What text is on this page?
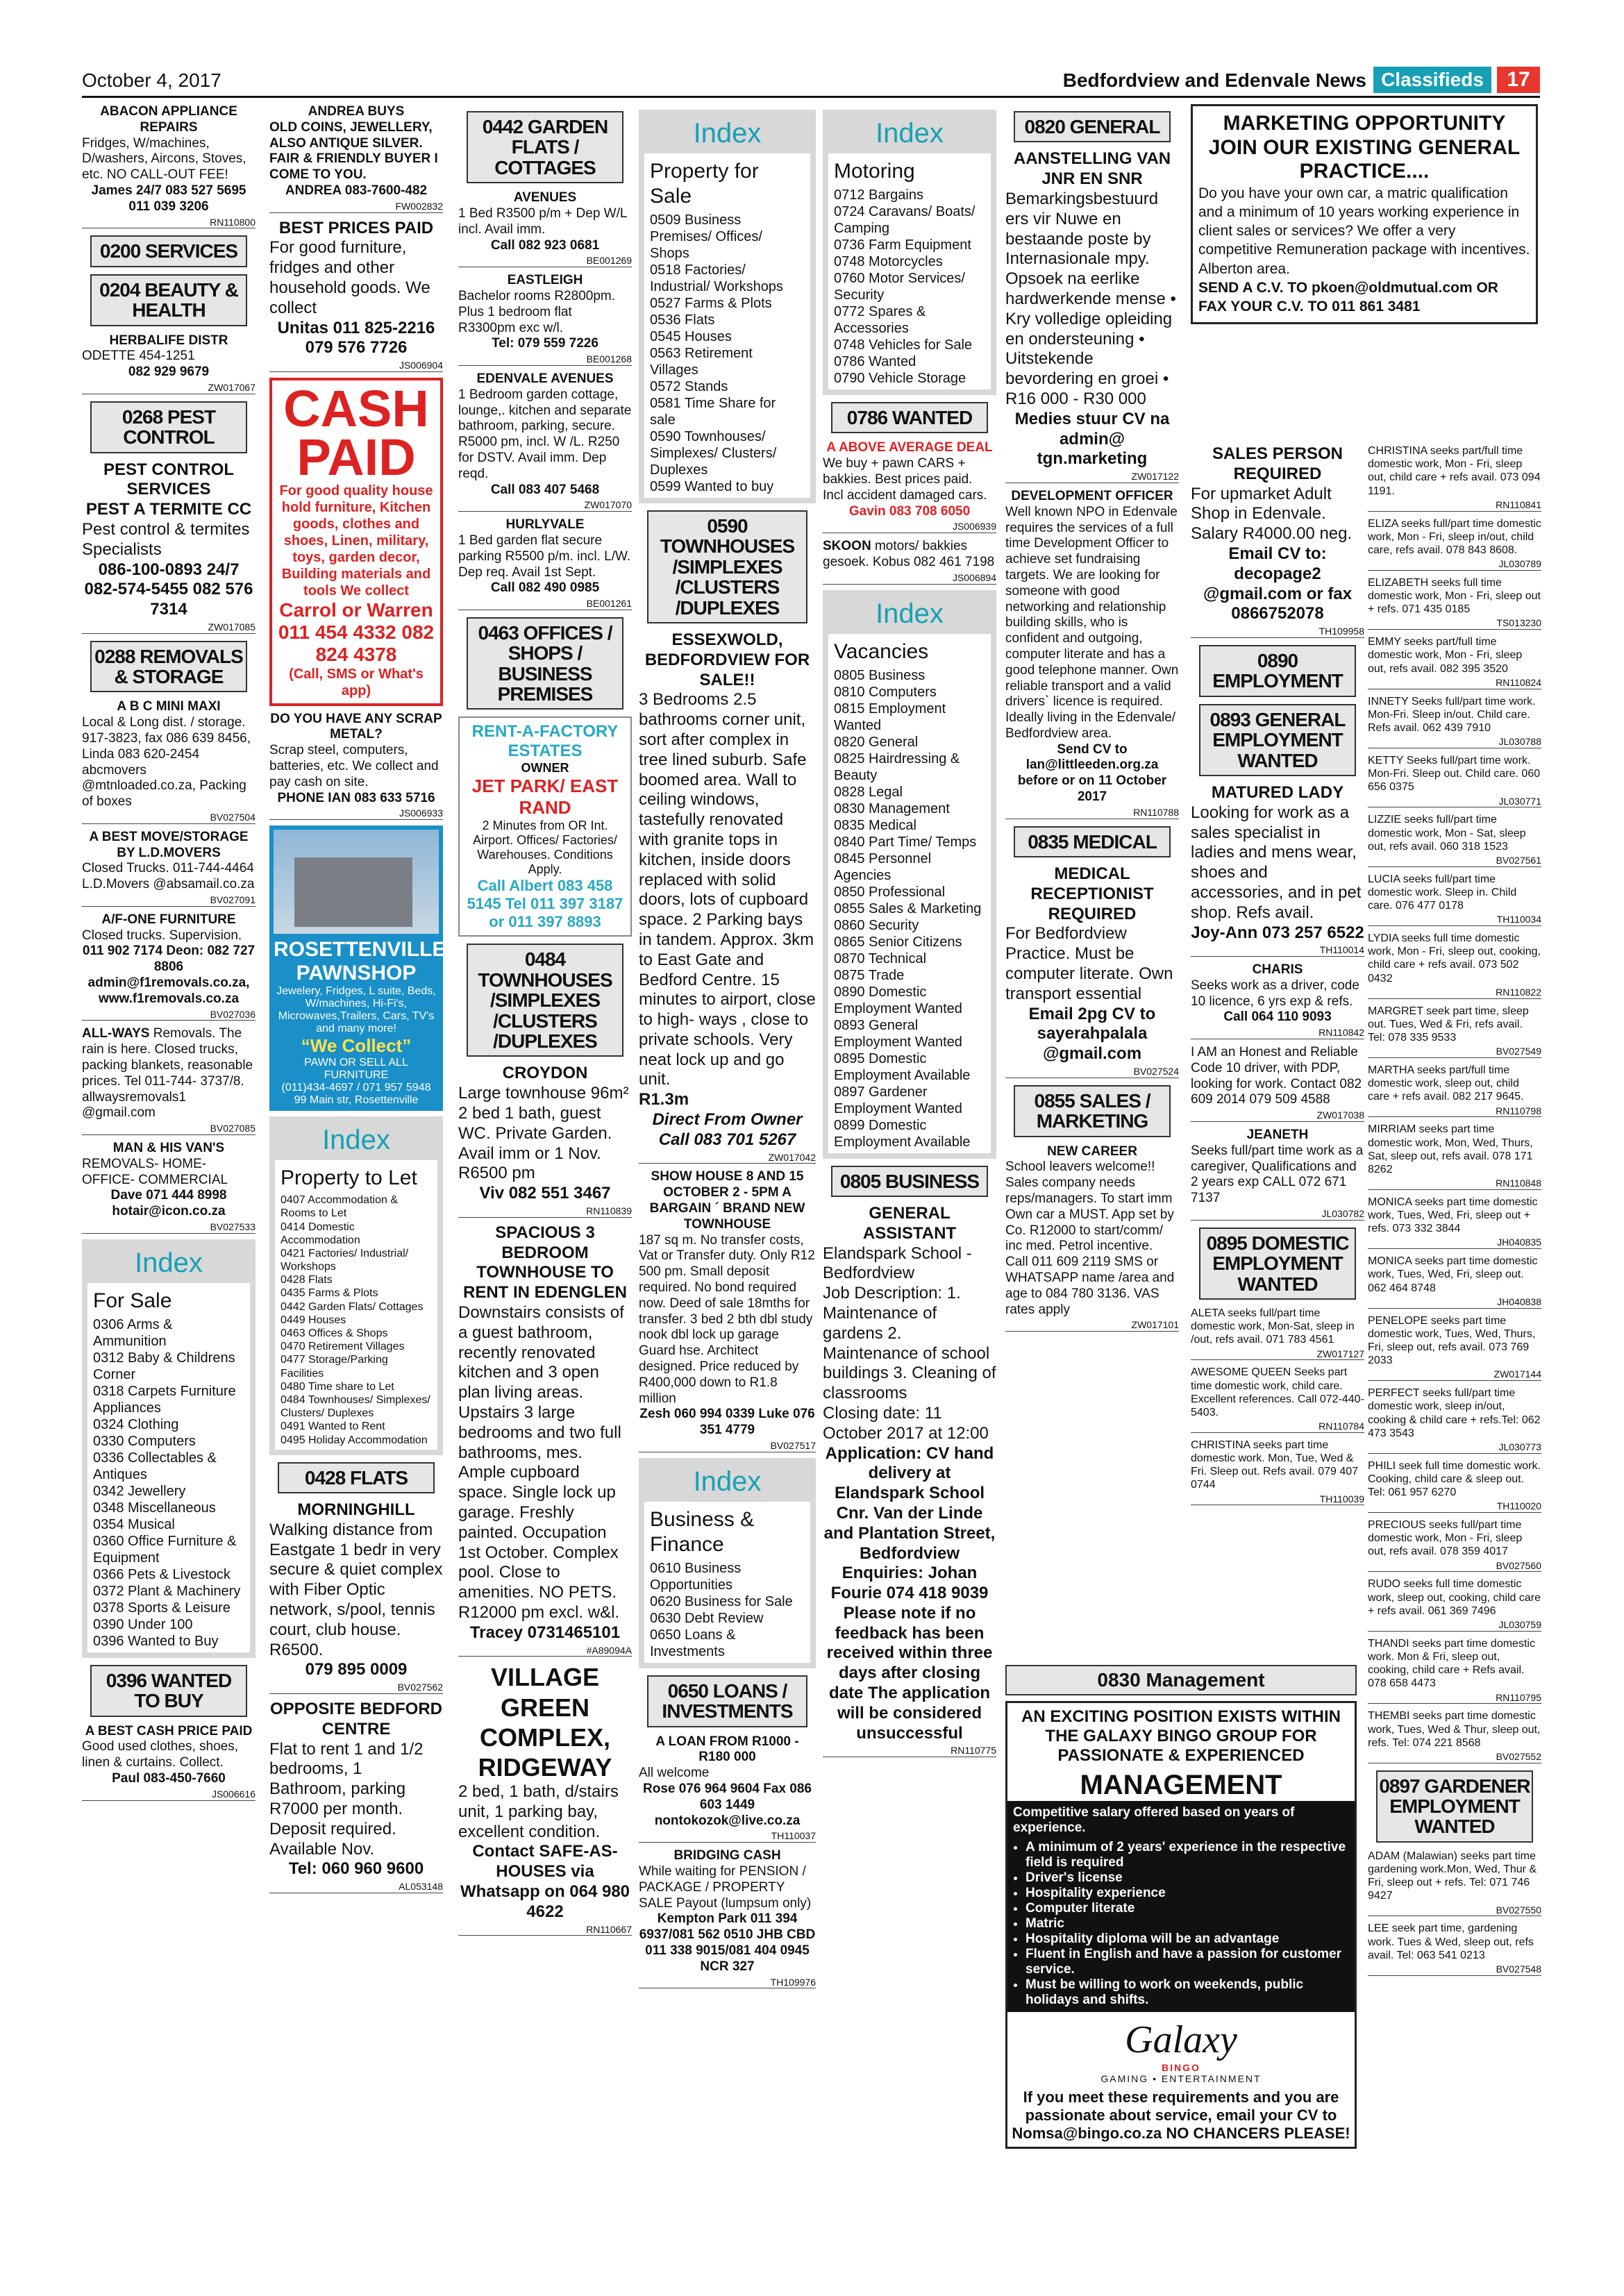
October 4, 2017	Bedfordview and Edenvale News Classifieds	17
ABACON APPLIANCE REPAIRS
Fridges, W/machines, D/washers, Aircons, Stoves, etc. NO CALL-OUT FEE!
James 24/7 083 527 5695 011 039 3206
RN110800
0200 SERVICES
0204 BEAUTY & HEALTH
HERBALIFE DISTR
ODETTE 454-1251
082 929 9679
ZW017067
0268 PEST CONTROL
PEST CONTROL SERVICES
PEST A TERMITE CC
Pest control & termites Specialists
086-100-0893 24/7 082-574-5455 082 576 7314
ZW017085
0288 REMOVALS & STORAGE
A B C MINI MAXI
Local & Long dist. / storage. 917-3823, fax 086 639 8456, Linda 083 620-2454 abcmovers @mtnloaded.co.za, Packing of boxes
BV027504
A BEST MOVE/STORAGE BY L.D.MOVERS
Closed Trucks. 011-744-4464 L.D.Movers @absamail.co.za
BV027091
A/F-ONE FURNITURE
Closed trucks. Supervision.
011 902 7174 Deon: 082 727 8806 admin@f1removals.co.za, www.f1removals.co.za
BV027036
ALL-WAYS Removals. The rain is here. Closed trucks, packing blankets, reasonable prices. Tel 011-744- 3737/8. allwaysremovals1 @gmail.com
BV027085
MAN & HIS VAN'S
REMOVALS- HOME- OFFICE- COMMERCIAL
Dave 071 444 8998 hotair@icon.co.za
BV027533
Index
For Sale
0306 Arms & Ammunition
0312 Baby & Childrens Corner
0318 Carpets Furniture Appliances
0324 Clothing
0330 Computers
0336 Collectables & Antiques
0342 Jewellery
0348 Miscellaneous
0354 Musical
0360 Office Furniture & Equipment
0366 Pets & Livestock
0372 Plant & Machinery
0378 Sports & Leisure
0390 Under 100
0396 Wanted to Buy
0396 WANTED TO BUY
A BEST CASH PRICE PAID
Good used clothes, shoes, linen & curtains. Collect.
Paul 083-450-7660
JS006616
ANDREA BUYS
OLD COINS, JEWELLERY, ALSO ANTIQUE SILVER. FAIR & FRIENDLY BUYER I COME TO YOU.
ANDREA 083-7600-482
FW002832
BEST PRICES PAID
For good furniture, fridges and other household goods. We collect
Unitas 011 825-2216 079 576 7726
JS006904
CASH PAID
For good quality house hold furniture, Kitchen goods, clothes and shoes, Linen, military, toys, garden decor, Building materials and tools We collect
Carrol or Warren
011 454 4332 082 824 4378
(Call, SMS or What's app)
DO YOU HAVE ANY SCRAP METAL?
Scrap steel, computers, batteries, etc. We collect and pay cash on site.
PHONE IAN 083 633 5716
JS006933
ROSETTENVILLE PAWNSHOP
Jewelery, Fridges, L suite, Beds, W/machines, Hi-Fi's, Microwaves,Trailers, Cars, TV's and many more!
“We Collect”
PAWN OR SELL ALL FURNITURE
(011)434-4697 / 071 957 5948
99 Main str, Rosettenville
Index
Property to Let
0407 Accommodation & Rooms to Let
0414 Domestic Accommodation
0421 Factories/ Industrial/ Workshops
0428 Flats
0435 Farms & Plots
0442 Garden Flats/ Cottages
0449 Houses
0463 Offices & Shops
0470 Retirement Villages
0477 Storage/Parking Facilities
0480 Time share to Let
0484 Townhouses/ Simplexes/ Clusters/ Duplexes
0491 Wanted to Rent
0495 Holiday Accommodation
0428 FLATS
MORNINGHILL
Walking distance from Eastgate 1 bedr in very secure & quiet complex with Fiber Optic network, s/pool, tennis court, club house. R6500.
079 895 0009
BV027562
OPPOSITE BEDFORD CENTRE
Flat to rent 1 and 1/2 bedrooms, 1 Bathroom, parking R7000 per month. Deposit required. Available Nov.
Tel: 060 960 9600
AL053148
0442 GARDEN FLATS / COTTAGES
AVENUES
1 Bed R3500 p/m + Dep W/L incl. Avail imm.
Call 082 923 0681
BE001269
EASTLEIGH
Bachelor rooms R2800pm. Plus 1 bedroom flat R3300pm exc w/l.
Tel: 079 559 7226
BE001268
EDENVALE AVENUES
1 Bedroom garden cottage, lounge,. kitchen and separate bathroom, parking, secure. R5000 pm, incl. W /L. R250 for DSTV. Avail imm. Dep reqd.
Call 083 407 5468
ZW017070
HURLYVALE
1 Bed garden flat secure parking R5500 p/m. incl. L/W. Dep req. Avail 1st Sept.
Call 082 490 0985
BE001261
0463 OFFICES / SHOPS / BUSINESS PREMISES
RENT-A-FACTORY ESTATES
OWNER
JET PARK/ EAST RAND
2 Minutes from OR Int. Airport. Offices/ Factories/ Warehouses. Conditions Apply.
Call Albert 083 458 5145 Tel 011 397 3187 or 011 397 8893
0484 TOWNHOUSES /SIMPLEXES /CLUSTERS /DUPLEXES
CROYDON
Large townhouse 96m² 2 bed 1 bath, guest WC. Private Garden. Avail imm or 1 Nov. R6500 pm
Viv 082 551 3467
RN110839
SPACIOUS 3 BEDROOM TOWNHOUSE TO RENT IN EDENGLEN
Downstairs consists of a guest bathroom, recently renovated kitchen and 3 open plan living areas. Upstairs 3 large bedrooms and two full bathrooms, mes. Ample cupboard space. Single lock up garage. Freshly painted. Occupation 1st October. Complex pool. Close to amenities. NO PETS. R12000 pm excl. w&l.
Tracey 0731465101
#A89094A
VILLAGE GREEN COMPLEX, RIDGEWAY
2 bed, 1 bath, d/stairs unit, 1 parking bay, excellent condition.
Contact SAFE-AS-HOUSES via Whatsapp on 064 980 4622
RN110667
Index
Property for Sale
0509 Business Premises/ Offices/ Shops
0518 Factories/ Industrial/ Workshops
0527 Farms & Plots
0536 Flats
0545 Houses
0563 Retirement Villages
0572 Stands
0581 Time Share for sale
0590 Townhouses/ Simplexes/ Clusters/ Duplexes
0599 Wanted to buy
0590 TOWNHOUSES /SIMPLEXES /CLUSTERS /DUPLEXES
ESSEXWOLD, BEDFORDVIEW FOR SALE!!
3 Bedrooms 2.5 bathrooms corner unit, sort after complex in tree lined suburb. Safe boomed area. Wall to ceiling windows, tastefully renovated with granite tops in kitchen, inside doors replaced with solid doors, lots of cupboard space. 2 Parking bays in tandem. Approx. 3km to East Gate and Bedford Centre. 15 minutes to airport, close to high- ways , close to private schools. Very neat lock up and go unit.
R1.3m
Direct From Owner Call 083 701 5267
ZW017042
SHOW HOUSE 8 AND 15 OCTOBER 2 - 5PM A BARGAIN ´ BRAND NEW TOWNHOUSE
187 sq m. No transfer costs, Vat or Transfer duty. Only R12 500 pm. Small deposit required. No bond required now. Deed of sale 18mths for transfer. 3 bed 2 bth dbl study nook dbl lock up garage Guard hse. Architect designed. Price reduced by R400,000 down to R1.8 million
Zesh 060 994 0339 Luke 076 351 4779
BV027517
Index
Business & Finance
0610 Business Opportunities
0620 Business for Sale
0630 Debt Review
0650 Loans & Investments
0650 LOANS / INVESTMENTS
A LOAN FROM R1000 - R180 000
All welcome
Rose 076 964 9604 Fax 086 603 1449 nontokozok@live.co.za
TH110037
BRIDGING CASH
While waiting for PENSION / PACKAGE / PROPERTY SALE Payout (lumpsum only)
Kempton Park 011 394 6937/081 562 0510 JHB CBD 011 338 9015/081 404 0945 NCR 327
TH109976
Index
Motoring
0712 Bargains
0724 Caravans/ Boats/ Camping
0736 Farm Equipment
0748 Motorcycles
0760 Motor Services/ Security
0772 Spares & Accessories
0748 Vehicles for Sale
0786 Wanted
0790 Vehicle Storage
0786 WANTED
A ABOVE AVERAGE DEAL
We buy + pawn CARS + bakkies. Best prices paid. Incl accident damaged cars.
Gavin 083 708 6050
JS006939
SKOON motors/ bakkies gesoek. Kobus 082 461 7198
JS006894
Index
Vacancies
0805 Business
0810 Computers
0815 Employment Wanted
0820 General
0825 Hairdressing & Beauty
0828 Legal
0830 Management
0835 Medical
0840 Part Time/ Temps
0845 Personnel Agencies
0850 Professional
0855 Sales & Marketing
0860 Security
0865 Senior Citizens
0870 Technical
0875 Trade
0890 Domestic Employment Wanted
0893 General Employment Wanted
0895 Domestic Employment Available
0897 Gardener Employment Wanted
0899 Domestic Employment Available
0805 BUSINESS
GENERAL ASSISTANT
Elandspark School - Bedfordview
Job Description: 1. Maintenance of gardens 2. Maintenance of school buildings 3. Cleaning of classrooms
Closing date: 11 October 2017 at 12:00
Application: CV hand delivery at Elandspark School Cnr. Van der Linde and Plantation Street, Bedfordview Enquiries: Johan Fourie 074 418 9039
Please note if no feedback has been received within three days after closing date The application will be considered unsuccessful
RN110775
0820 GENERAL
AANSTELLING VAN JNR EN SNR
Bemarkingsbestuurd ers vir Nuwe en bestaande poste by Internasionale mpy. Opsoek na eerlike hardwerkende mense • Kry volledige opleiding en ondersteuning • Uitstekende bevordering en groei • R16 000 - R30 000
Medies stuur CV na admin@ tgn.marketing
ZW017122
DEVELOPMENT OFFICER
Well known NPO in Edenvale requires the services of a full time Development Officer to achieve set fundraising targets. We are looking for someone with good networking and relationship building skills, who is confident and outgoing, computer literate and has a good telephone manner. Own reliable transport and a valid drivers` licence is required. Ideally living in the Edenvale/ Bedfordview area.
Send CV to lan@littleeden.org.za before or on 11 October 2017
RN110788
0835 MEDICAL
MEDICAL RECEPTIONIST REQUIRED
For Bedfordview Practice. Must be computer literate. Own transport essential
Email 2pg CV to sayerahpalala @gmail.com
BV027524
0855 SALES / MARKETING
NEW CAREER
School leavers welcome!! Sales company needs reps/managers. To start imm Own car a MUST. App set by Co. R12000 to start/comm/ inc med. Petrol incentive. Call 011 609 2119 SMS or WHATSAPP name /area and age to 084 780 3136. VAS rates apply
ZW017101
0830 Management
AN EXCITING POSITION EXISTS WITHIN THE GALAXY BINGO GROUP FOR PASSIONATE & EXPERIENCED
MANAGEMENT
Competitive salary offered based on years of experience.
• A minimum of 2 years' experience in the respective field is required
• Driver's license
• Hospitality experience
• Computer literate
• Matric
• Hospitality diploma will be an advantage
• Fluent in English and have a passion for customer service.
• Must be willing to work on weekends, public holidays and shifts.
Galaxy
BINGO
GAMING • ENTERTAINMENT
If you meet these requirements and you are passionate about service, email your CV to Nomsa@bingo.co.za NO CHANCERS PLEASE!
MARKETING OPPORTUNITY JOIN OUR EXISTING GENERAL PRACTICE....
Do you have your own car, a matric qualification and a minimum of 10 years working experience in client sales or services? We offer a very competitive Remuneration package with incentives. Alberton area.
SEND A C.V. TO pkoen@oldmutual.com OR FAX YOUR C.V. TO 011 861 3481
SALES PERSON REQUIRED
For upmarket Adult Shop in Edenvale. Salary R4000.00 neg.
Email CV to: decopage2 @gmail.com or fax 0866752078
TH109958
0890 EMPLOYMENT
0893 GENERAL EMPLOYMENT WANTED
MATURED LADY
Looking for work as a sales specialist in ladies and mens wear, shoes and accessories, and in pet shop. Refs avail.
Joy-Ann 073 257 6522
TH110014
CHARIS
Seeks work as a driver, code 10 licence, 6 yrs exp & refs.
Call 064 110 9093
RN110842
I AM an Honest and Reliable Code 10 driver, with PDP, looking for work. Contact 082 609 2014 079 509 4588
ZW017038
JEANETH
Seeks full/part time work as a caregiver, Qualifications and 2 years exp CALL 072 671 7137
JL030782
0895 DOMESTIC EMPLOYMENT WANTED
ALETA seeks full/part time domestic work, Mon-Sat, sleep in /out, refs avail. 071 783 4561
ZW017127
AWESOME QUEEN Seeks part time domestic work, child care. Excellent references. Call 072-440- 5403.
RN110784
CHRISTINA seeks part time domestic work. Mon, Tue, Wed & Fri. Sleep out. Refs avail. 079 407 0744
TH110039
CHRISTINA seeks part/full time domestic work, Mon - Fri, sleep out, child care + refs avail. 073 094 1191.
RN110841
ELIZA seeks full/part time domestic work, Mon - Fri, sleep in/out, child care, refs avail. 078 843 8608.
JL030789
ELIZABETH seeks full time domestic work, Mon - Fri, sleep out + refs. 071 435 0185
TS013230
EMMY seeks part/full time domestic work, Mon - Fri, sleep out, refs avail. 082 395 3520
RN110824
INNETY Seeks full/part time work. Mon-Fri. Sleep in/out. Child care. Refs avail. 062 439 7910
JL030788
KETTY Seeks full/part time work. Mon-Fri. Sleep out. Child care. 060 656 0375
JL030771
LIZZIE seeks full/part time domestic work, Mon - Sat, sleep out, refs avail. 060 318 1523
BV027561
LUCIA seeks full/part time domestic work. Sleep in. Child care. 076 477 0178
TH110034
LYDIA seeks full time domestic work, Mon - Fri, sleep out, cooking, child care + refs avail. 073 502 0432
RN110822
MARGRET seek part time, sleep out. Tues, Wed & Fri, refs avail. Tel: 078 335 9533
BV027549
MARTHA seeks part/full time domestic work, sleep out, child care + refs avail. 082 217 9645.
RN110798
MIRRIAM seeks part time domestic work, Mon, Wed, Thurs, Sat, sleep out, refs avail. 078 171 8262
RN110848
MONICA seeks part time domestic work, Tues, Wed, Fri, sleep out + refs. 073 332 3844
JH040835
MONICA seeks part time domestic work, Tues, Wed, Fri, sleep out. 062 464 8748
JH040838
PENELOPE seeks part time domestic work, Tues, Wed, Thurs, Fri, sleep out, refs avail. 073 769 2033
ZW017144
PERFECT seeks full/part time domestic work, sleep in/out, cooking & child care + refs.Tel: 062 473 3543
JL030773
PHILI seek full time domestic work. Cooking, child care & sleep out. Tel: 061 957 6270
TH110020
PRECIOUS seeks full/part time domestic work, Mon - Fri, sleep out, refs avail. 078 359 4017
BV027560
RUDO seeks full time domestic work, sleep out, cooking, child care + refs avail. 061 369 7496
JL030759
THANDI seeks part time domestic work. Mon & Fri, sleep out, cooking, child care + Refs avail. 078 658 4473
RN110795
THEMBI seeks part time domestic work, Tues, Wed & Thur, sleep out, refs. Tel: 074 221 8568
BV027552
0897 GARDENER EMPLOYMENT WANTED
ADAM (Malawian) seeks part time gardening work.Mon, Wed, Thur & Fri, sleep out + refs. Tel: 071 746 9427
BV027550
LEE seek part time, gardening work. Tues & Wed, sleep out, refs avail. Tel: 063 541 0213
BV027548
